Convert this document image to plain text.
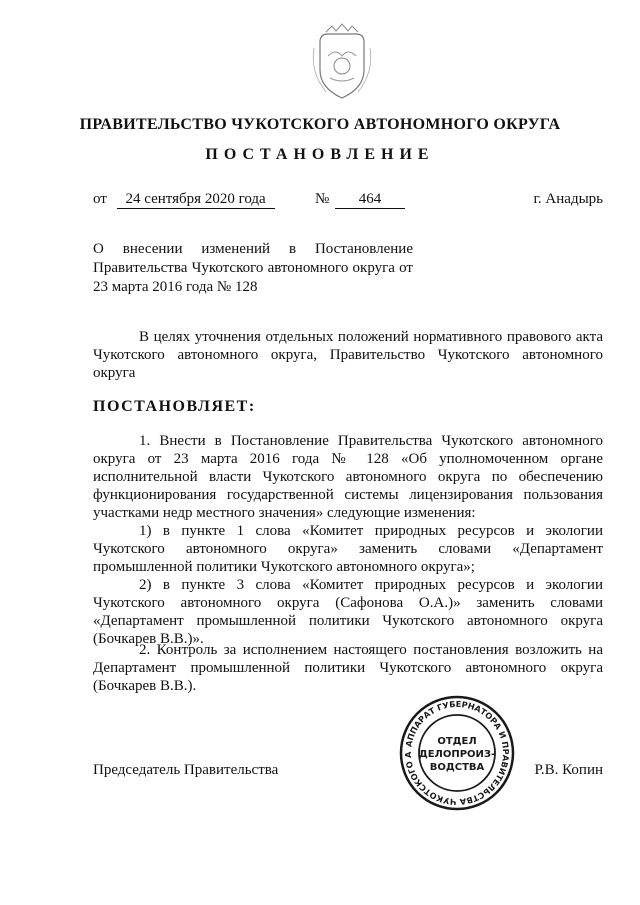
ПРАВИТЕЛЬСТВО ЧУКОТСКОГО АВТОНОМНОГО ОКРУГА
ПОСТАНОВЛЕНИЕ
от 24 сентября 2020 года	№	464	г. Анадырь
О внесении изменений в Постановление Правительства Чукотского автономного округа от 23 марта 2016 года № 128
В целях уточнения отдельных положений нормативного правового акта Чукотского автономного округа, Правительство Чукотского автономного округа
ПОСТАНОВЛЯЕТ:
1. Внести в Постановление Правительства Чукотского автономного округа от 23 марта 2016 года № 128 «Об уполномоченном органе исполнительной власти Чукотского автономного округа по обеспечению функционирования государственной системы лицензирования пользования участками недр местного значения» следующие изменения:
1) в пункте 1 слова «Комитет природных ресурсов и экологии Чукотского автономного округа» заменить словами «Департамент промышленной политики Чукотского автономного округа»;
2) в пункте 3 слова «Комитет природных ресурсов и экологии Чукотского автономного округа (Сафонова О.А.)» заменить словами «Департамент промышленной политики Чукотского автономного округа (Бочкарев В.В.)».
2. Контроль за исполнением настоящего постановления возложить на Департамент промышленной политики Чукотского автономного округа (Бочкарев В.В.).
АППАРАТ ГУБЕРНАТОРА И ПРАВИТЕЛЬСТВА ЧУКОТСКОГО А
ОТДЕЛ
ДЕЛОПРОИЗ-
ВОДСТВА
Председатель Правительства	Р.В. Копин
